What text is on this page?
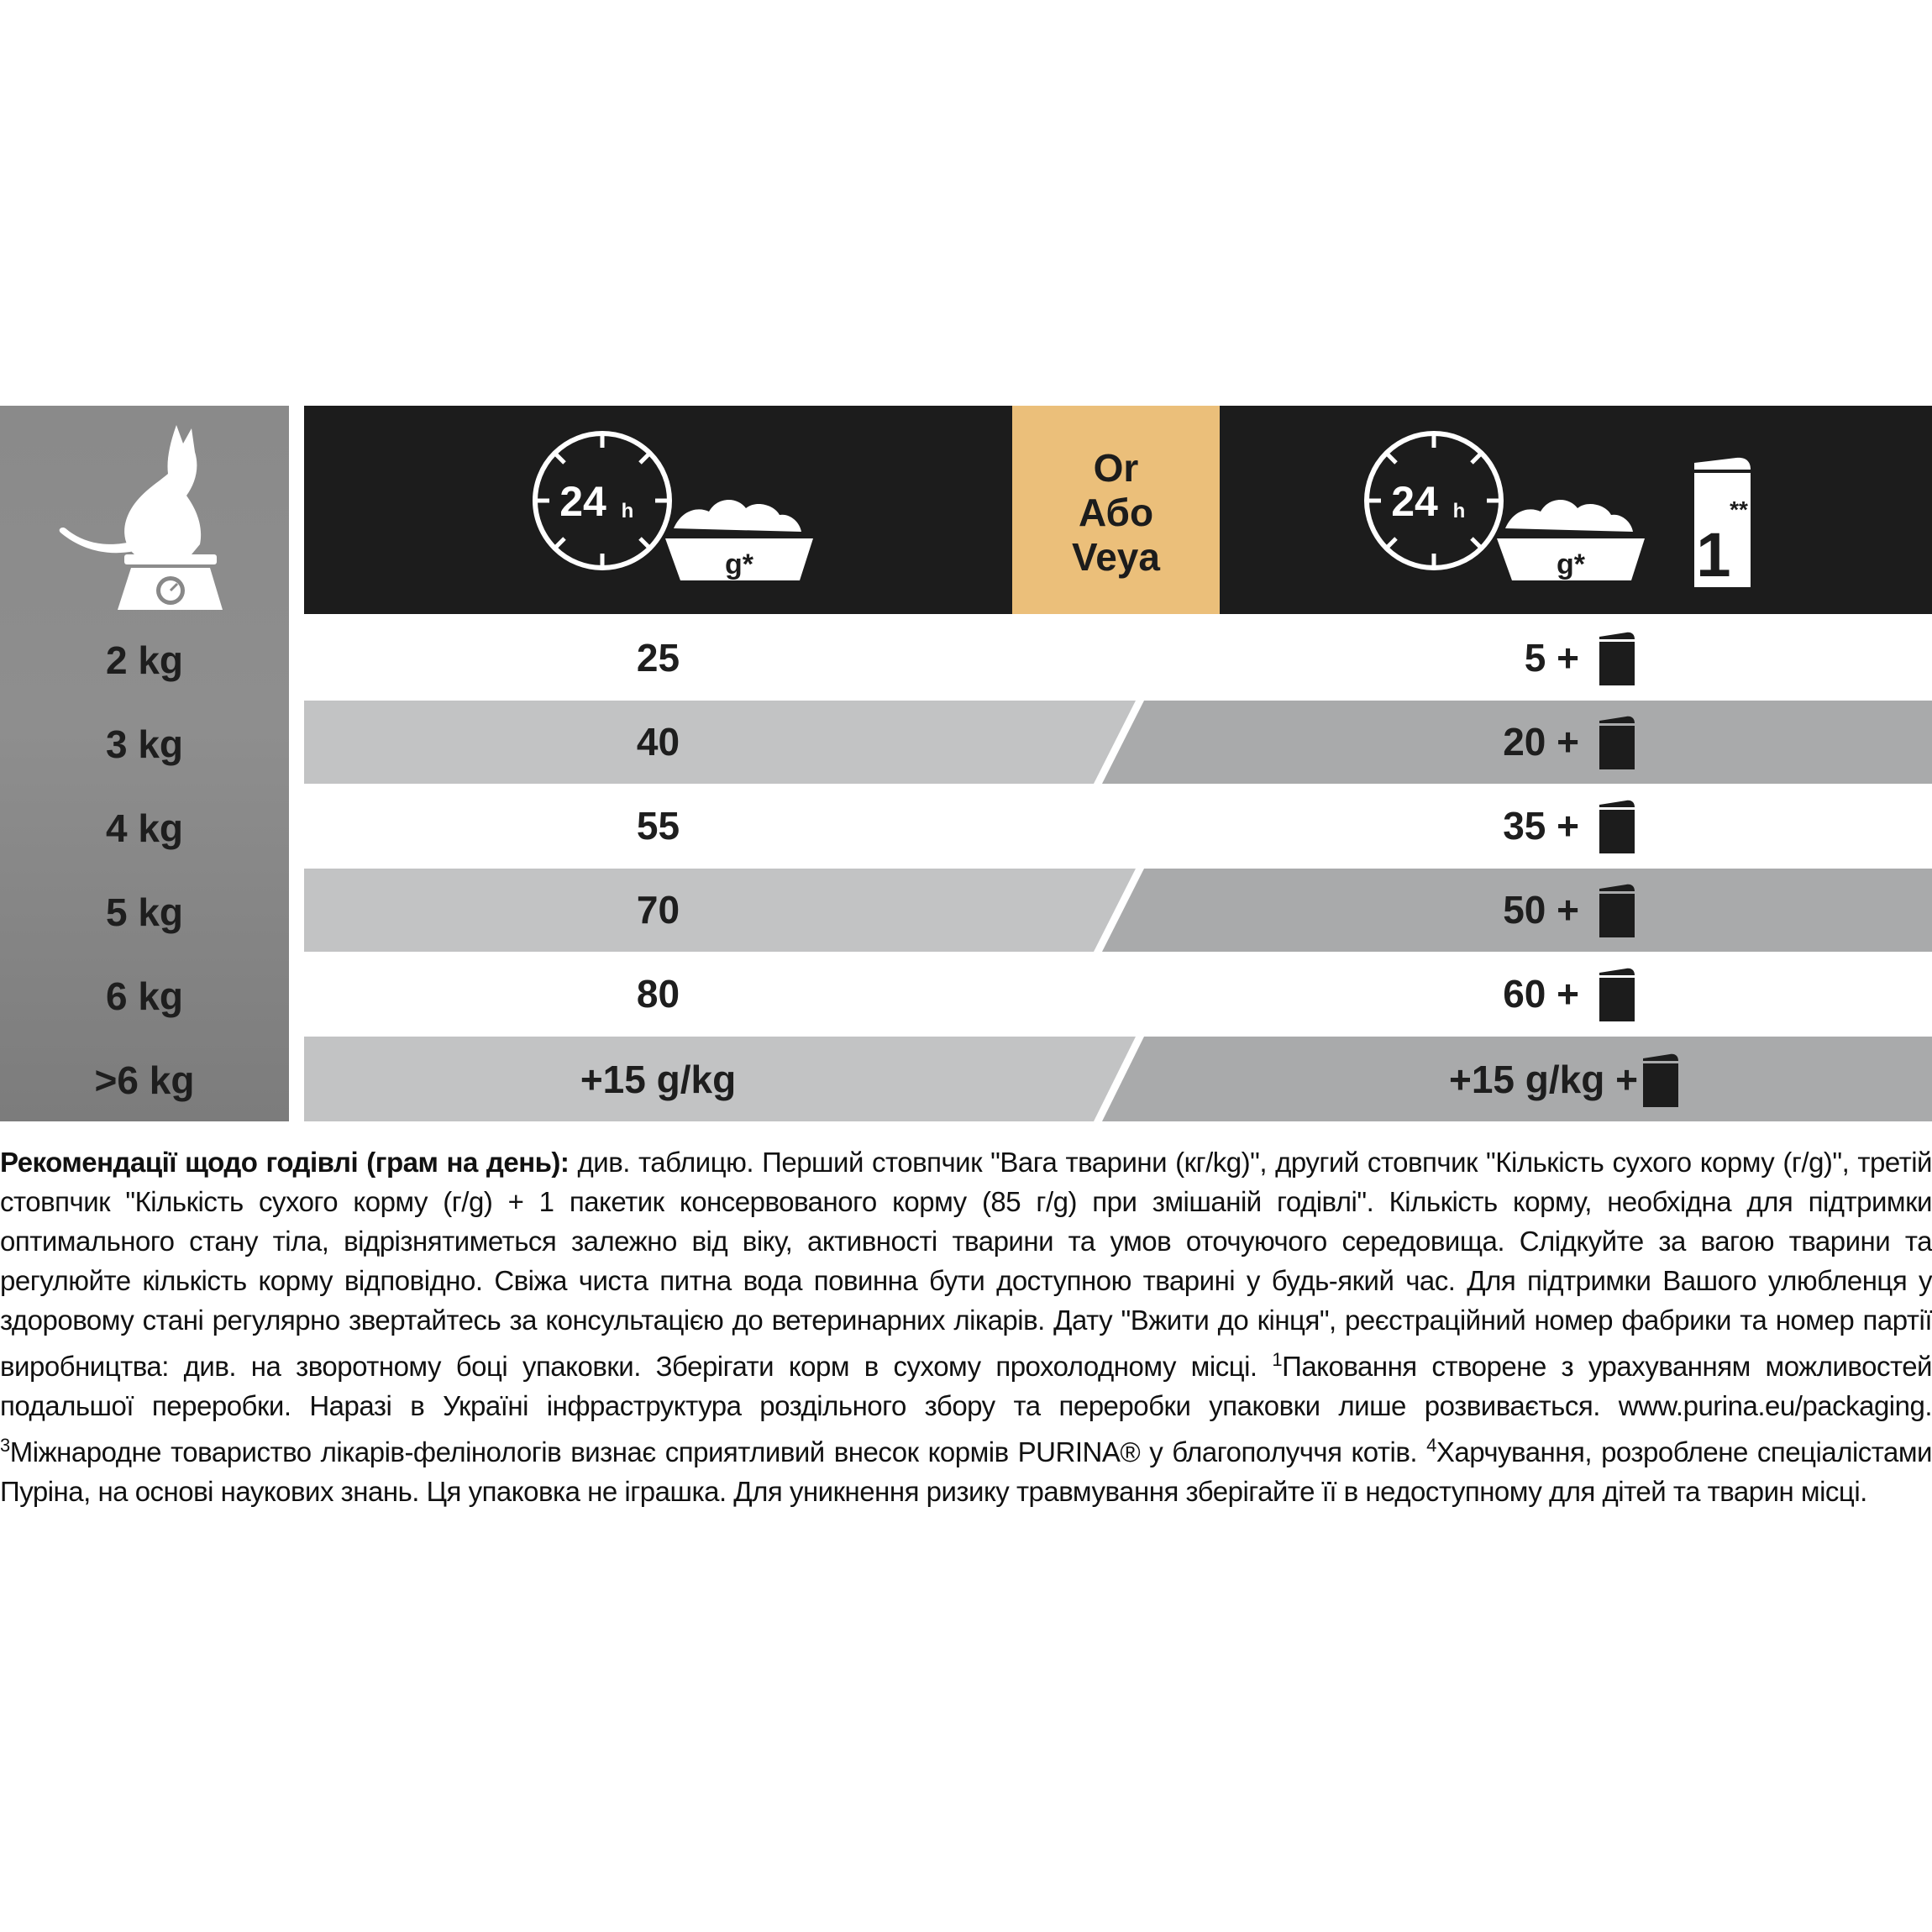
2 kg
3 kg
4 kg
5 kg
6 kg
>6 kg
24 h
g*
Or
Або
Veya
24 h
g* 1
**
25
40
55
70
80
+15 g/kg
5 +
20 +
35 +
50 +
60 +
+15 g/kg +
Рекомендації щодо годівлі (грам на день): див. таблицю. Перший стовпчик "Вага тварини (кг/kg)", другий стовпчик "Кількість сухого корму (г/g)", третій стовпчик "Кількість сухого корму (г/g) + 1 пакетик консервованого корму (85 г/g) при змішаній годівлі". Кількість корму, необхідна для підтримки оптимального стану тіла, відрізнятиметься залежно від віку, активності тварини та умов оточуючого середовища. Слідкуйте за вагою тварини та регулюйте кількість корму відповідно. Свіжа чиста питна вода повинна бути доступною тварині у будь-який час. Для підтримки Вашого улюбленця у здоровому стані регулярно звертайтесь за консультацією до ветеринарних лікарів. Дату "Вжити до кінця", реєстраційний номер фабрики та номер партії виробництва: див. на зворотному боці упаковки. Зберігати корм в сухому прохолодному місці. $^1$Паковання створене з урахуванням можливостей подальшої переробки. Наразі в Україні інфраструктура роздільного збору та переробки упаковки лише розвивається. www.purina.eu/packaging. $^3$Міжнародне товариство лікарів-фелінологів визнає сприятливий внесок кормів PURINA® у благополуччя котів. $^4$Харчування, розроблене спеціалістами Пуріна, на основі наукових знань. Ця упаковка не іграшка. Для уникнення ризику травмування зберігайте її в недоступному для дітей та тварин місці.
